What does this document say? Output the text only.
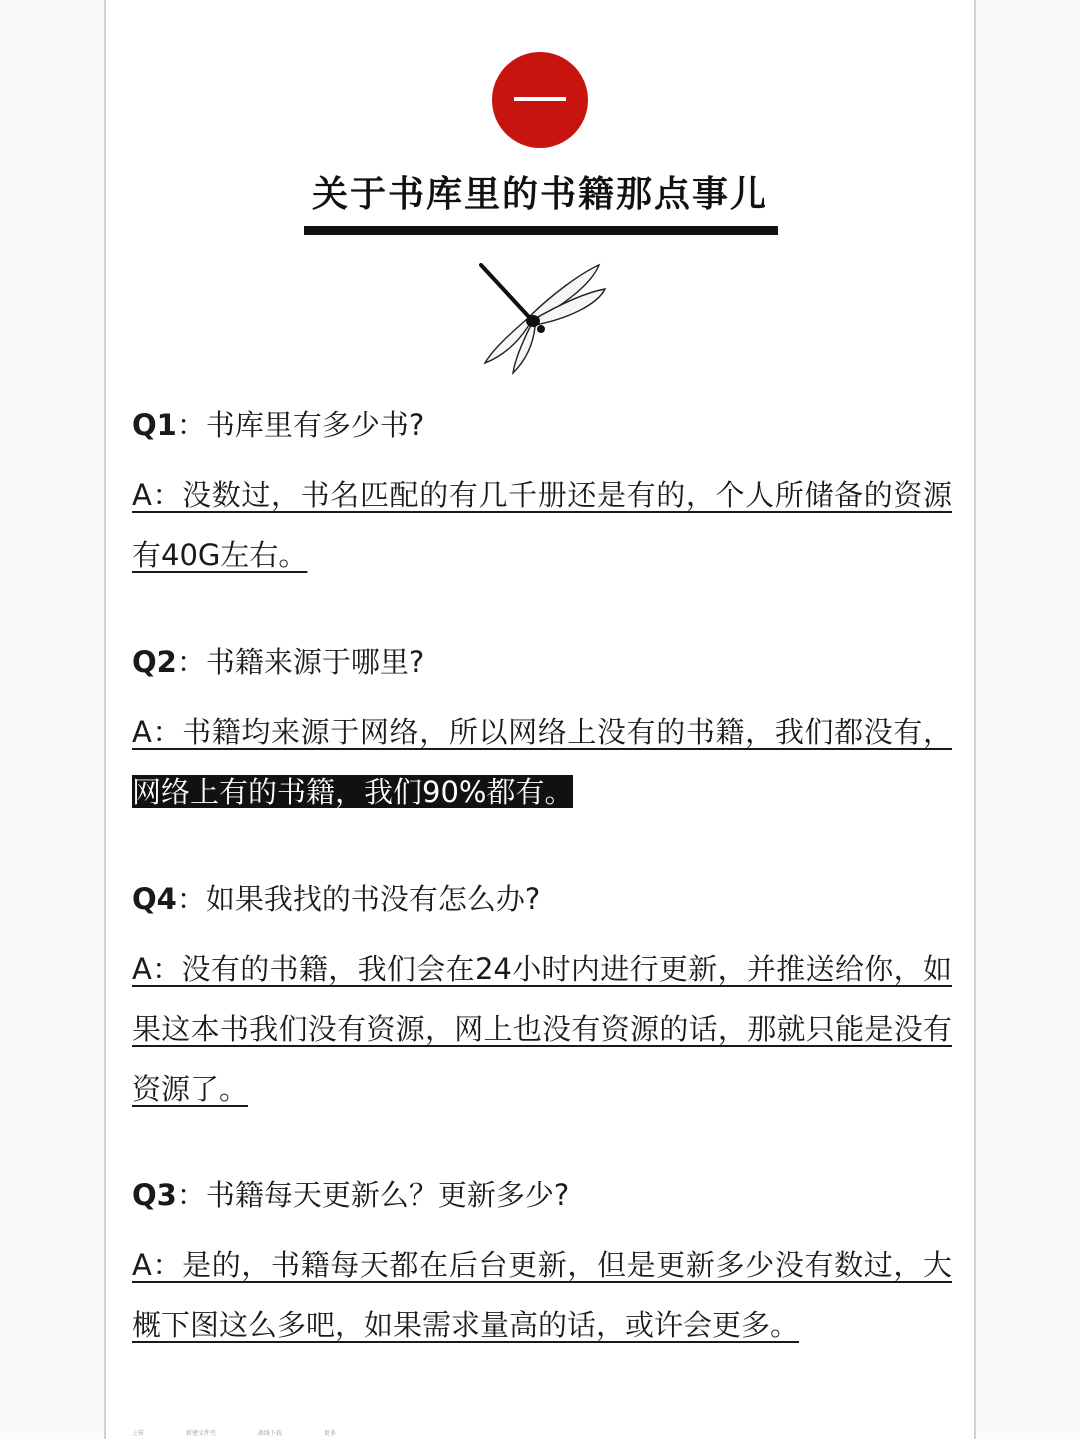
关于书库里的书籍那点事儿

Q1：书库里有多少书?

A：没数过，书名匹配的有几千册还是有的，个人所储备的资源有40G左右。

Q2：书籍来源于哪里?

A：书籍均来源于网络，所以网络上没有的书籍，我们都没有，网络上有的书籍，我们90%都有。

Q4：如果我找的书没有怎么办?

A：没有的书籍，我们会在24小时内进行更新，并推送给你，如果这本书我们没有资源，网上也没有资源的话，那就只能是没有资源了。

Q3：书籍每天更新么？更新多少?

A：是的，书籍每天都在后台更新，但是更新多少没有数过，大概下图这么多吧，如果需求量高的话，或许会更多。

上传	新建文件夹	离线下载	更多
